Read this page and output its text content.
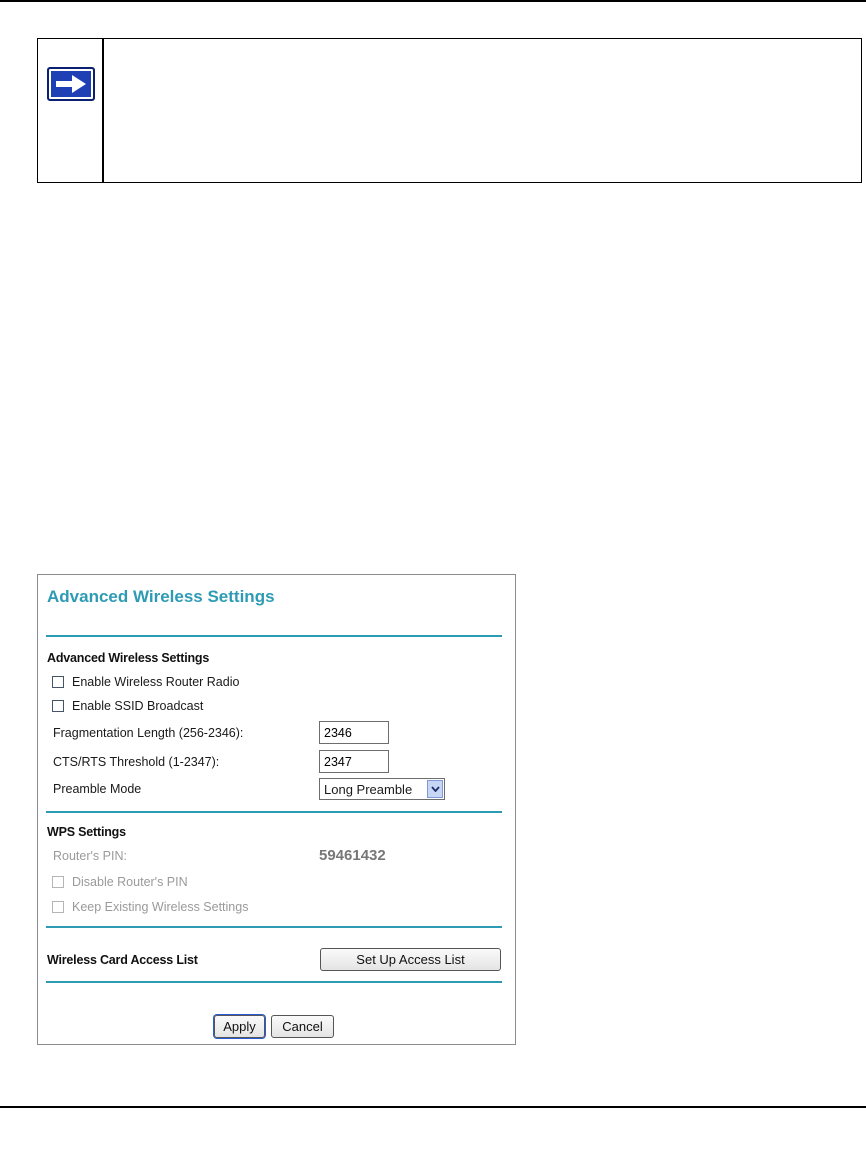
Advanced Wireless Settings
Advanced Wireless Settings
Enable Wireless Router Radio
Enable SSID Broadcast
Fragmentation Length (256-2346):
2346
CTS/RTS Threshold (1-2347):
2347
Preamble Mode	Long Preamble
WPS Settings
Router's PIN:	59461432
Disable Router's PIN
Keep Existing Wireless Settings
Wireless Card Access List	Set Up Access List
Apply	Cancel
